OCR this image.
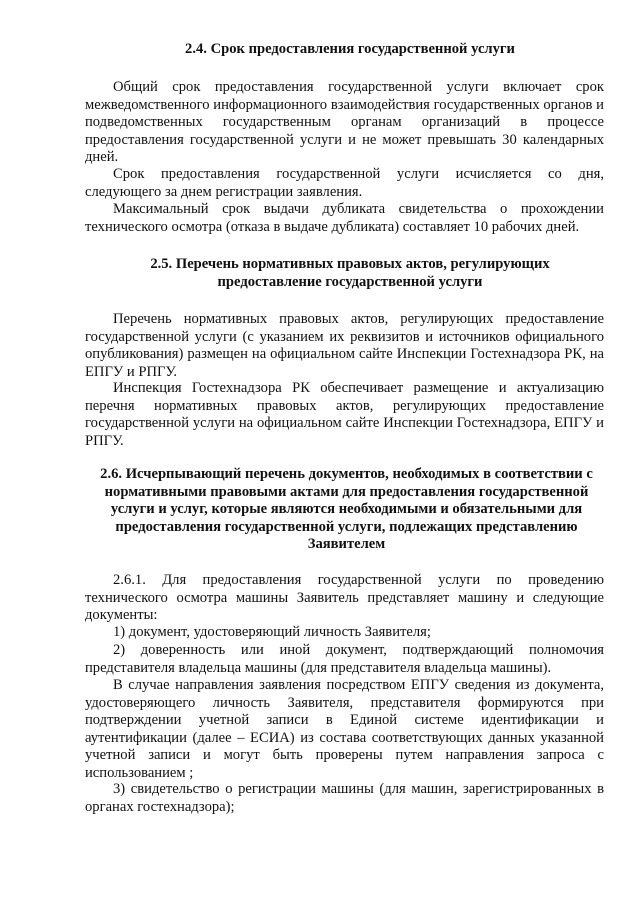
2.4. Срок предоставления государственной услуги

Общий срок предоставления государственной услуги включает срок межведомственного информационного взаимодействия государственных органов и подведомственных государственным органам организаций в процессе предоставления государственной услуги и не может превышать 30 календарных дней.

Срок предоставления государственной услуги исчисляется со дня, следующего за днем регистрации заявления.

Максимальный срок выдачи дубликата свидетельства о прохождении технического осмотра (отказа в выдаче дубликата) составляет 10 рабочих дней.

2.5. Перечень нормативных правовых актов, регулирующих предоставление государственной услуги

Перечень нормативных правовых актов, регулирующих предоставление государственной услуги (с указанием их реквизитов и источников официального опубликования) размещен на официальном сайте Инспекции Гостехнадзора РК, на ЕПГУ и РПГУ.

Инспекция Гостехнадзора РК обеспечивает размещение и актуализацию перечня нормативных правовых актов, регулирующих предоставление государственной услуги на официальном сайте Инспекции Гостехнадзора, ЕПГУ и РПГУ.

2.6. Исчерпывающий перечень документов, необходимых в соответствии с нормативными правовыми актами для предоставления государственной услуги и услуг, которые являются необходимыми и обязательными для предоставления государственной услуги, подлежащих представлению Заявителем

2.6.1. Для предоставления государственной услуги по проведению технического осмотра машины Заявитель представляет машину и следующие документы:

1) документ, удостоверяющий личность Заявителя;

2) доверенность или иной документ, подтверждающий полномочия представителя владельца машины (для представителя владельца машины).

В случае направления заявления посредством ЕПГУ сведения из документа, удостоверяющего личность Заявителя, представителя формируются при подтверждении учетной записи в Единой системе идентификации и аутентификации (далее – ЕСИА) из состава соответствующих данных указанной учетной записи и могут быть проверены путем направления запроса с использованием ;

3) свидетельство о регистрации машины (для машин, зарегистрированных в органах гостехнадзора);
